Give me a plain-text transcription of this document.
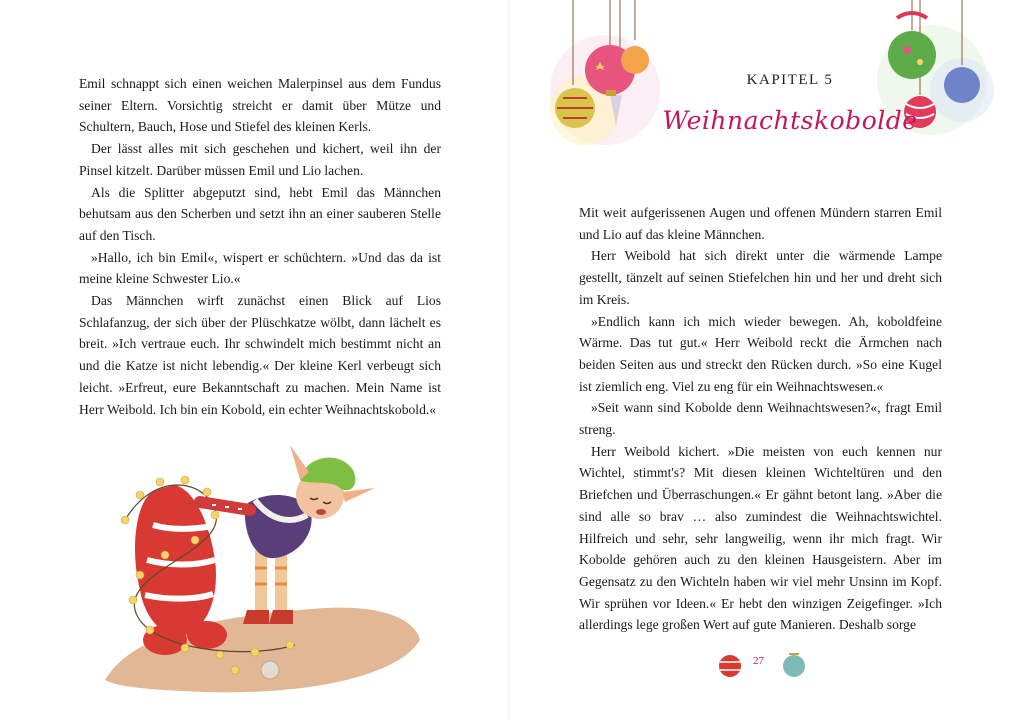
Emil schnappt sich einen weichen Malerpinsel aus dem Fundus seiner Eltern. Vorsichtig streicht er damit über Mütze und Schultern, Bauch, Hose und Stiefel des kleinen Kerls.

Der lässt alles mit sich geschehen und kichert, weil ihn der Pinsel kitzelt. Darüber müssen Emil und Lio lachen.

Als die Splitter abgeputzt sind, hebt Emil das Männchen behutsam aus den Scherben und setzt ihn an einer sauberen Stelle auf den Tisch.

»Hallo, ich bin Emil«, wispert er schüchtern. »Und das da ist meine kleine Schwester Lio.«

Das Männchen wirft zunächst einen Blick auf Lios Schlafanzug, der sich über der Plüschkatze wölbt, dann lächelt es breit. »Ich vertraue euch. Ihr schwindelt mich bestimmt nicht an und die Katze ist nicht lebendig.« Der kleine Kerl verbeugt sich leicht. »Erfreut, eure Bekanntschaft zu machen. Mein Name ist Herr Weibold. Ich bin ein Kobold, ein echter Weihnachtskobold.«

KAPITEL 5
Weihnachtskobolde

Mit weit aufgerissenen Augen und offenen Mündern starren Emil und Lio auf das kleine Männchen.

Herr Weibold hat sich direkt unter die wärmende Lampe gestellt, tänzelt auf seinen Stiefelchen hin und her und dreht sich im Kreis.

»Endlich kann ich mich wieder bewegen. Ah, koboldfeine Wärme. Das tut gut.« Herr Weibold reckt die Ärmchen nach beiden Seiten aus und streckt den Rücken durch. »So eine Kugel ist ziemlich eng. Viel zu eng für ein Weihnachtswesen.«

»Seit wann sind Kobolde denn Weihnachtswesen?«, fragt Emil streng.

Herr Weibold kichert. »Die meisten von euch kennen nur Wichtel, stimmt's? Mit diesen kleinen Wichteltüren und den Briefchen und Überraschungen.« Er gähnt betont lang. »Aber die sind alle so brav … also zumindest die Weihnachtswichtel. Hilfreich und sehr, sehr langweilig, wenn ihr mich fragt. Wir Kobolde gehören auch zu den kleinen Hausgeistern. Aber im Gegensatz zu den Wichteln haben wir viel mehr Unsinn im Kopf. Wir sprühen vor Ideen.« Er hebt den winzigen Zeigefinger. »Ich allerdings lege großen Wert auf gute Manieren. Deshalb sorge

27
